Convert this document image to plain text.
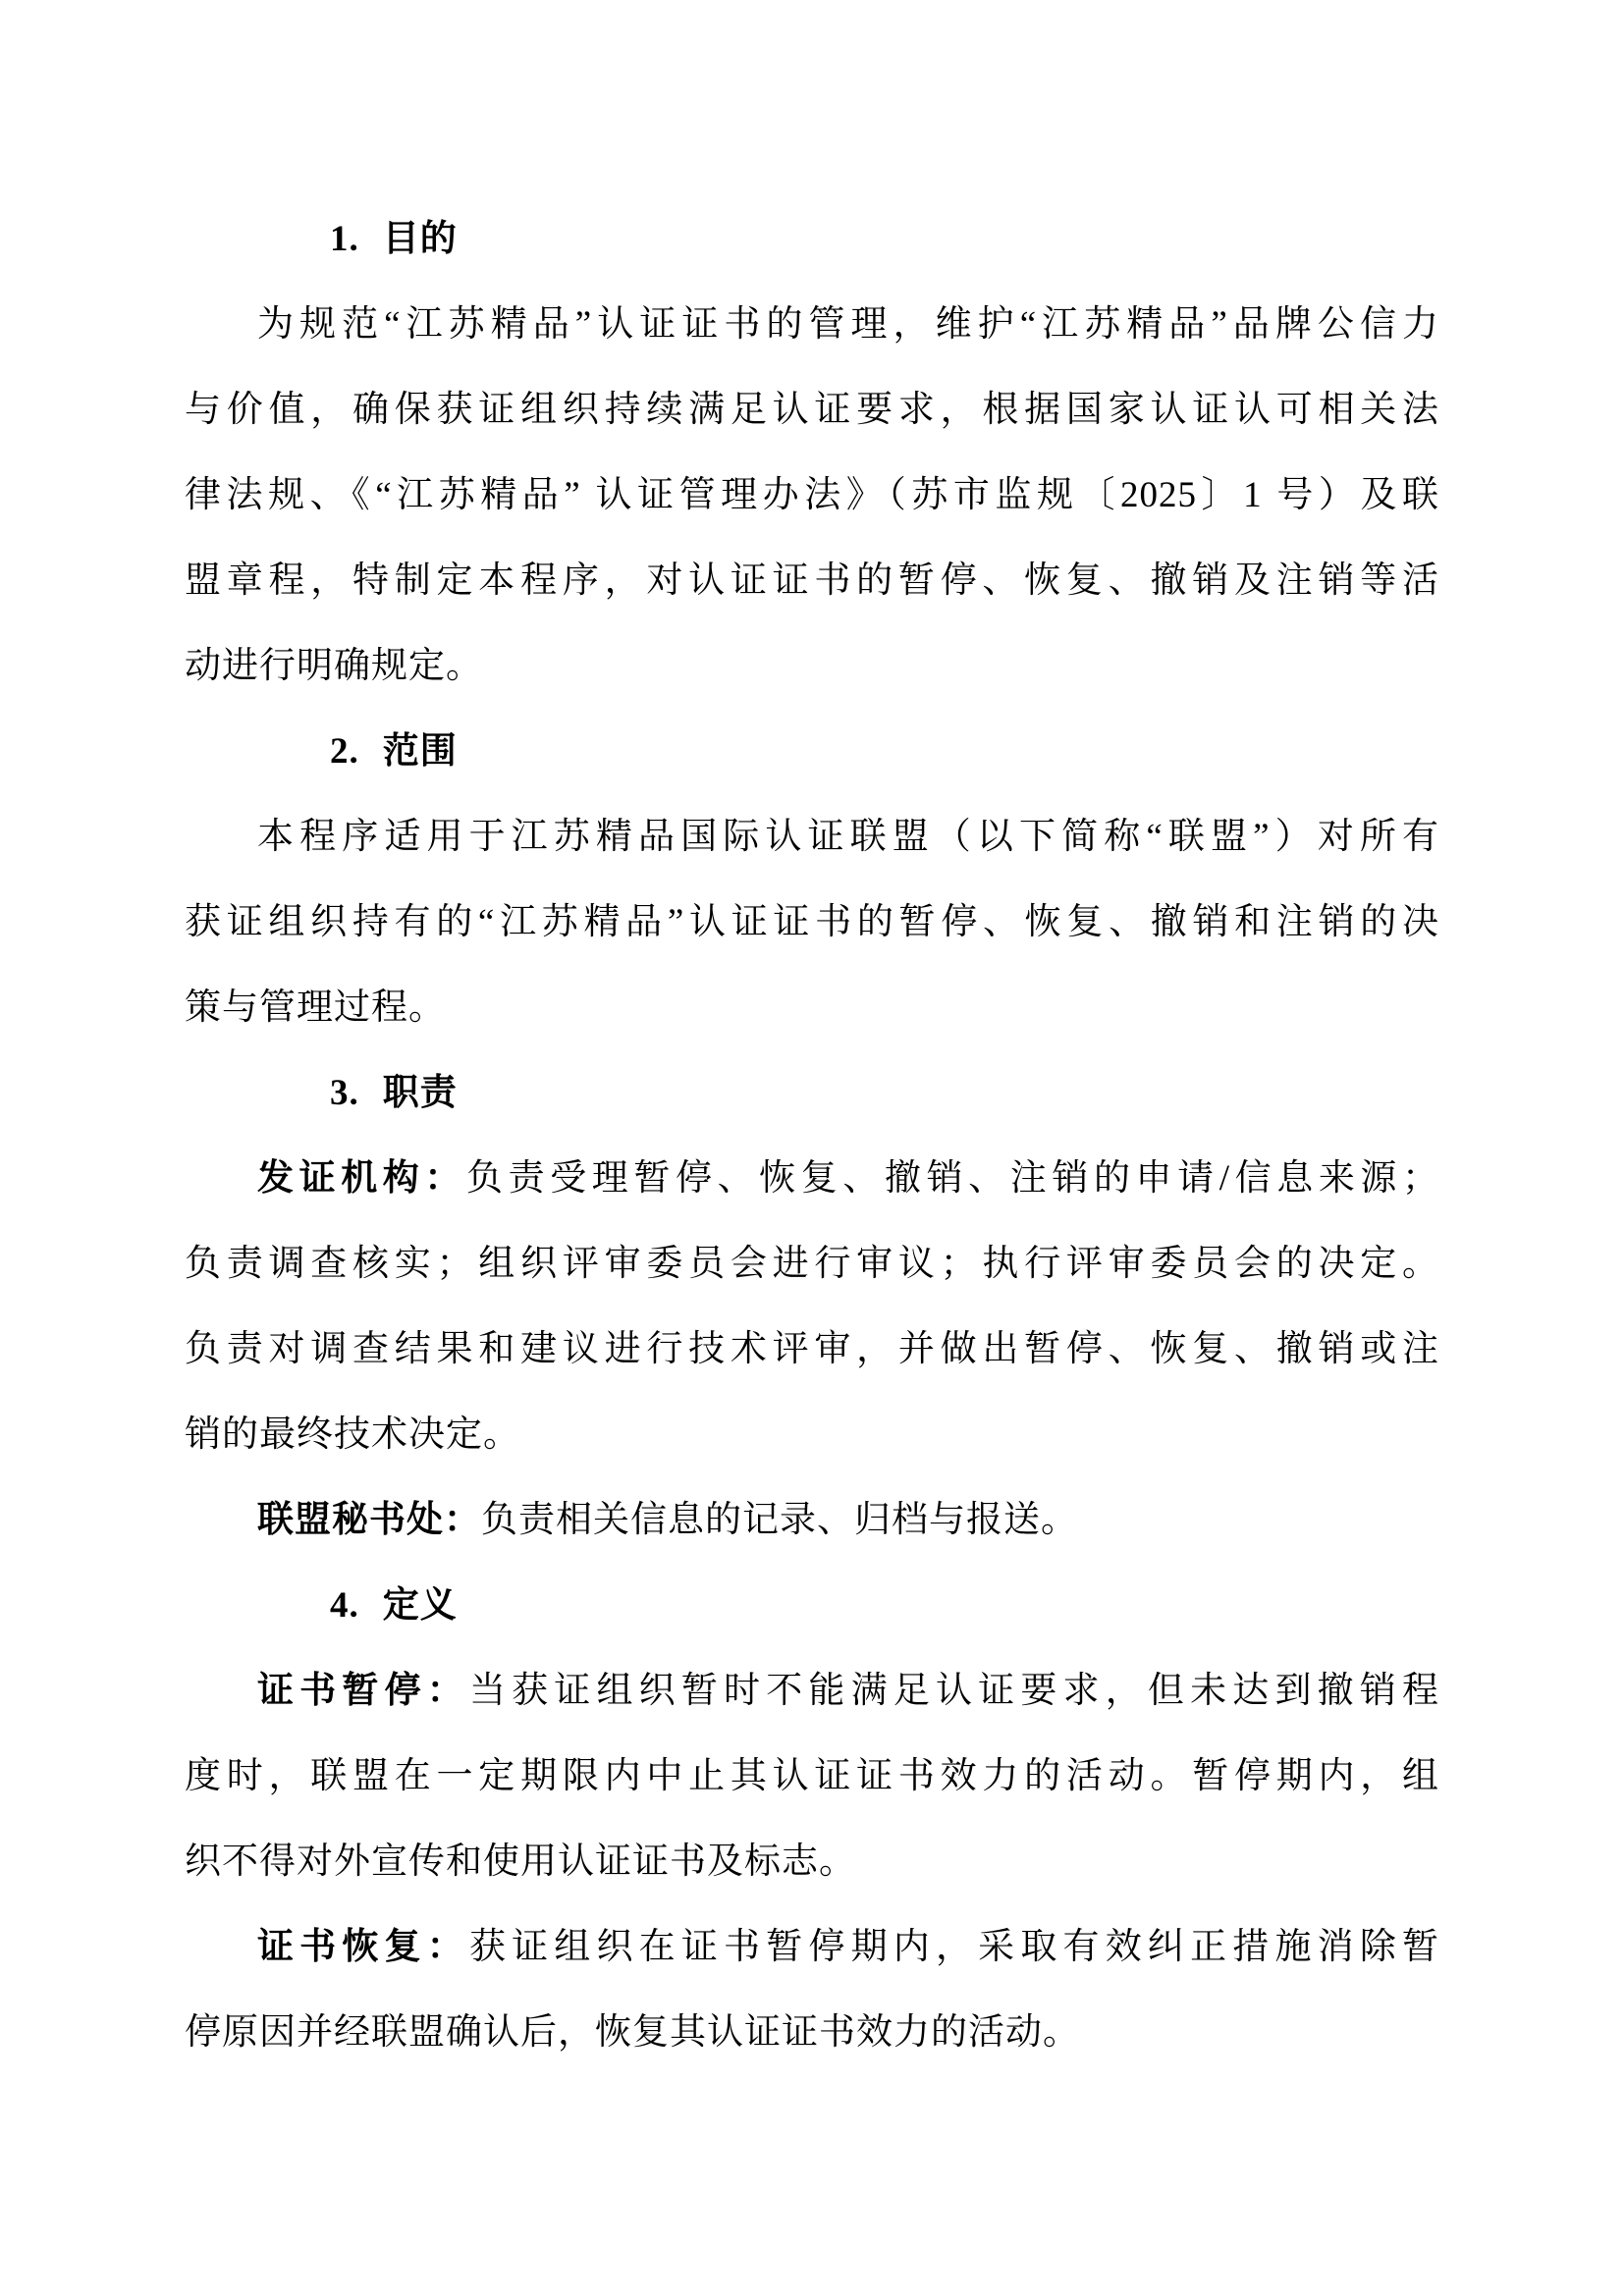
1. 目的
为规范“江苏精品”认证证书的管理，维护“江苏精品”品牌公信力
与价值，确保获证组织持续满足认证要求，根据国家认证认可相关法
律法规、《“江苏精品” 认证管理办法》（苏市监规〔2025〕1 号）及联
盟章程，特制定本程序，对认证证书的暂停、恢复、撤销及注销等活
动进行明确规定。
2. 范围
本程序适用于江苏精品国际认证联盟（以下简称“联盟”）对所有
获证组织持有的“江苏精品”认证证书的暂停、恢复、撤销和注销的决
策与管理过程。
3. 职责
发证机构：负责受理暂停、恢复、撤销、注销的申请/信息来源；
负责调查核实；组织评审委员会进行审议；执行评审委员会的决定。
负责对调查结果和建议进行技术评审，并做出暂停、恢复、撤销或注
销的最终技术决定。
联盟秘书处：负责相关信息的记录、归档与报送。
4. 定义
证书暂停：当获证组织暂时不能满足认证要求，但未达到撤销程
度时，联盟在一定期限内中止其认证证书效力的活动。暂停期内，组
织不得对外宣传和使用认证证书及标志。
证书恢复：获证组织在证书暂停期内，采取有效纠正措施消除暂
停原因并经联盟确认后，恢复其认证证书效力的活动。
